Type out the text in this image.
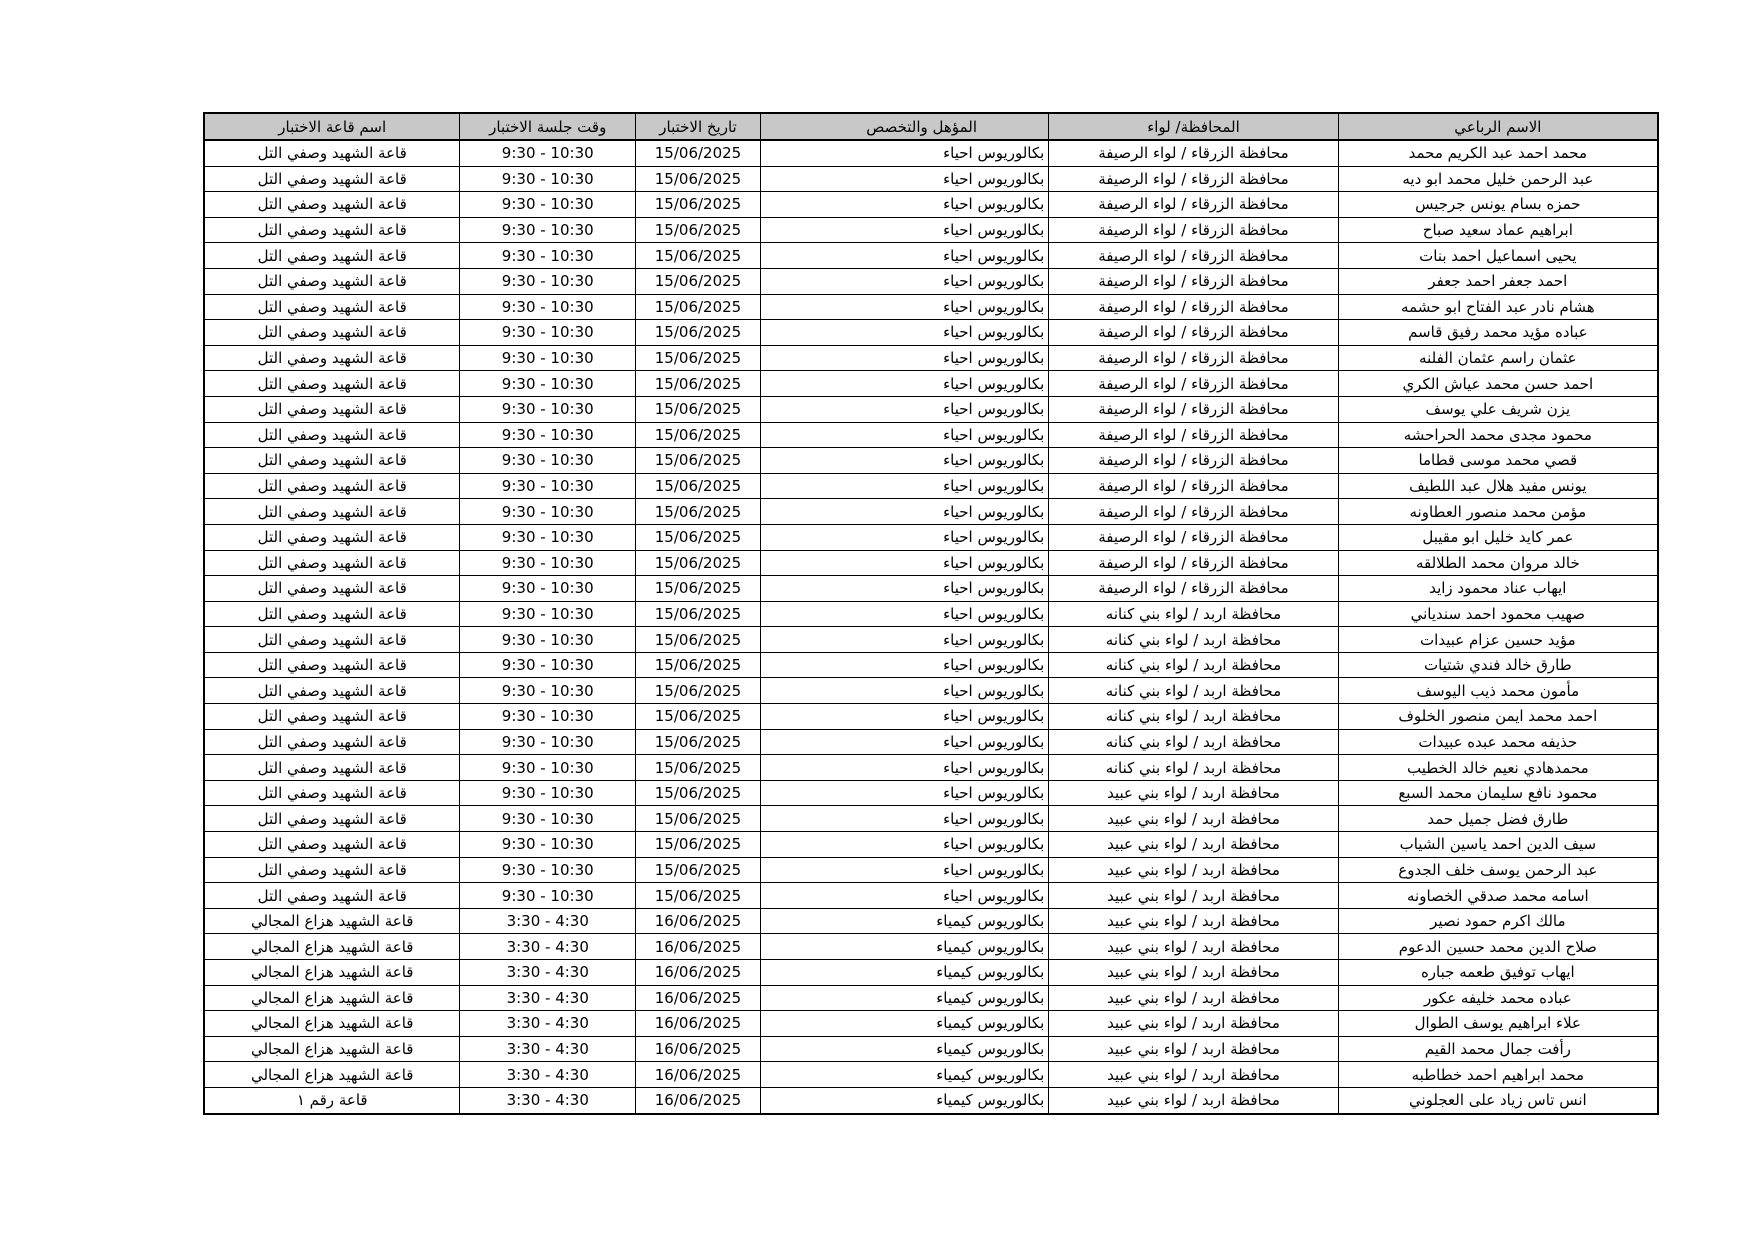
الاسم الرباعي	المحافظة/ لواء	المؤهل والتخصص	تاريخ الاختبار	وقت جلسة الاختبار	اسم قاعة الاختبار
محمد احمد عبد الكريم محمد	محافظة الزرقاء / لواء الرصيفة	بكالوريوس احياء	15/06/2025	9:30 - 10:30	قاعة الشهيد وصفي التل
عبد الرحمن خليل محمد ابو ديه	محافظة الزرقاء / لواء الرصيفة	بكالوريوس احياء	15/06/2025	9:30 - 10:30	قاعة الشهيد وصفي التل
حمزه بسام يونس جرجيس	محافظة الزرقاء / لواء الرصيفة	بكالوريوس احياء	15/06/2025	9:30 - 10:30	قاعة الشهيد وصفي التل
ابراهيم عماد سعيد صباح	محافظة الزرقاء / لواء الرصيفة	بكالوريوس احياء	15/06/2025	9:30 - 10:30	قاعة الشهيد وصفي التل
يحيى اسماعيل احمد بنات	محافظة الزرقاء / لواء الرصيفة	بكالوريوس احياء	15/06/2025	9:30 - 10:30	قاعة الشهيد وصفي التل
احمد جعفر احمد جعفر	محافظة الزرقاء / لواء الرصيفة	بكالوريوس احياء	15/06/2025	9:30 - 10:30	قاعة الشهيد وصفي التل
هشام نادر عبد الفتاح ابو حشمه	محافظة الزرقاء / لواء الرصيفة	بكالوريوس احياء	15/06/2025	9:30 - 10:30	قاعة الشهيد وصفي التل
عباده مؤيد محمد رفيق قاسم	محافظة الزرقاء / لواء الرصيفة	بكالوريوس احياء	15/06/2025	9:30 - 10:30	قاعة الشهيد وصفي التل
عثمان راسم عثمان الفلنه	محافظة الزرقاء / لواء الرصيفة	بكالوريوس احياء	15/06/2025	9:30 - 10:30	قاعة الشهيد وصفي التل
احمد حسن محمد عياش الكري	محافظة الزرقاء / لواء الرصيفة	بكالوريوس احياء	15/06/2025	9:30 - 10:30	قاعة الشهيد وصفي التل
يزن شريف علي يوسف	محافظة الزرقاء / لواء الرصيفة	بكالوريوس احياء	15/06/2025	9:30 - 10:30	قاعة الشهيد وصفي التل
محمود مجدى محمد الحراحشه	محافظة الزرقاء / لواء الرصيفة	بكالوريوس احياء	15/06/2025	9:30 - 10:30	قاعة الشهيد وصفي التل
قصي محمد موسى قطاما	محافظة الزرقاء / لواء الرصيفة	بكالوريوس احياء	15/06/2025	9:30 - 10:30	قاعة الشهيد وصفي التل
يونس مفيد هلال عبد اللطيف	محافظة الزرقاء / لواء الرصيفة	بكالوريوس احياء	15/06/2025	9:30 - 10:30	قاعة الشهيد وصفي التل
مؤمن محمد منصور العطاونه	محافظة الزرقاء / لواء الرصيفة	بكالوريوس احياء	15/06/2025	9:30 - 10:30	قاعة الشهيد وصفي التل
عمر كايد خليل ابو مقيبل	محافظة الزرقاء / لواء الرصيفة	بكالوريوس احياء	15/06/2025	9:30 - 10:30	قاعة الشهيد وصفي التل
خالد مروان محمد الطلالقه	محافظة الزرقاء / لواء الرصيفة	بكالوريوس احياء	15/06/2025	9:30 - 10:30	قاعة الشهيد وصفي التل
ايهاب عناد محمود زايد	محافظة الزرقاء / لواء الرصيفة	بكالوريوس احياء	15/06/2025	9:30 - 10:30	قاعة الشهيد وصفي التل
صهيب محمود احمد سندياني	محافظة اربد / لواء بني كنانه	بكالوريوس احياء	15/06/2025	9:30 - 10:30	قاعة الشهيد وصفي التل
مؤيد حسين عزام عبيدات	محافظة اربد / لواء بني كنانه	بكالوريوس احياء	15/06/2025	9:30 - 10:30	قاعة الشهيد وصفي التل
طارق خالد فندي شتيات	محافظة اربد / لواء بني كنانه	بكالوريوس احياء	15/06/2025	9:30 - 10:30	قاعة الشهيد وصفي التل
مأمون محمد ذيب اليوسف	محافظة اربد / لواء بني كنانه	بكالوريوس احياء	15/06/2025	9:30 - 10:30	قاعة الشهيد وصفي التل
احمد محمد ايمن منصور الخلوف	محافظة اربد / لواء بني كنانه	بكالوريوس احياء	15/06/2025	9:30 - 10:30	قاعة الشهيد وصفي التل
حذيفه محمد عبده عبيدات	محافظة اربد / لواء بني كنانه	بكالوريوس احياء	15/06/2025	9:30 - 10:30	قاعة الشهيد وصفي التل
محمدهادي نعيم خالد الخطيب	محافظة اربد / لواء بني كنانه	بكالوريوس احياء	15/06/2025	9:30 - 10:30	قاعة الشهيد وصفي التل
محمود نافع سليمان محمد السبع	محافظة اربد / لواء بني عبيد	بكالوريوس احياء	15/06/2025	9:30 - 10:30	قاعة الشهيد وصفي التل
طارق فضل جميل حمد	محافظة اربد / لواء بني عبيد	بكالوريوس احياء	15/06/2025	9:30 - 10:30	قاعة الشهيد وصفي التل
سيف الدين احمد ياسين الشياب	محافظة اربد / لواء بني عبيد	بكالوريوس احياء	15/06/2025	9:30 - 10:30	قاعة الشهيد وصفي التل
عبد الرحمن يوسف خلف الجدوع	محافظة اربد / لواء بني عبيد	بكالوريوس احياء	15/06/2025	9:30 - 10:30	قاعة الشهيد وصفي التل
اسامه محمد صدقي الخصاونه	محافظة اربد / لواء بني عبيد	بكالوريوس احياء	15/06/2025	9:30 - 10:30	قاعة الشهيد وصفي التل
مالك اكرم حمود نصير	محافظة اربد / لواء بني عبيد	بكالوريوس كيمياء	16/06/2025	3:30 - 4:30	قاعة الشهيد هزاع المجالي
صلاح الدين محمد حسين الدعوم	محافظة اربد / لواء بني عبيد	بكالوريوس كيمياء	16/06/2025	3:30 - 4:30	قاعة الشهيد هزاع المجالي
ايهاب توفيق طعمه جباره	محافظة اربد / لواء بني عبيد	بكالوريوس كيمياء	16/06/2025	3:30 - 4:30	قاعة الشهيد هزاع المجالي
عباده محمد خليفه عكور	محافظة اربد / لواء بني عبيد	بكالوريوس كيمياء	16/06/2025	3:30 - 4:30	قاعة الشهيد هزاع المجالي
علاء ابراهيم يوسف الطوال	محافظة اربد / لواء بني عبيد	بكالوريوس كيمياء	16/06/2025	3:30 - 4:30	قاعة الشهيد هزاع المجالي
رأفت جمال محمد القيم	محافظة اربد / لواء بني عبيد	بكالوريوس كيمياء	16/06/2025	3:30 - 4:30	قاعة الشهيد هزاع المجالي
محمد ابراهيم احمد خطاطبه	محافظة اربد / لواء بني عبيد	بكالوريوس كيمياء	16/06/2025	3:30 - 4:30	قاعة الشهيد هزاع المجالي
انس تاس زياد على العجلوني	محافظة اربد / لواء بني عبيد	بكالوريوس كيمياء	16/06/2025	3:30 - 4:30	قاعة رقم ١
